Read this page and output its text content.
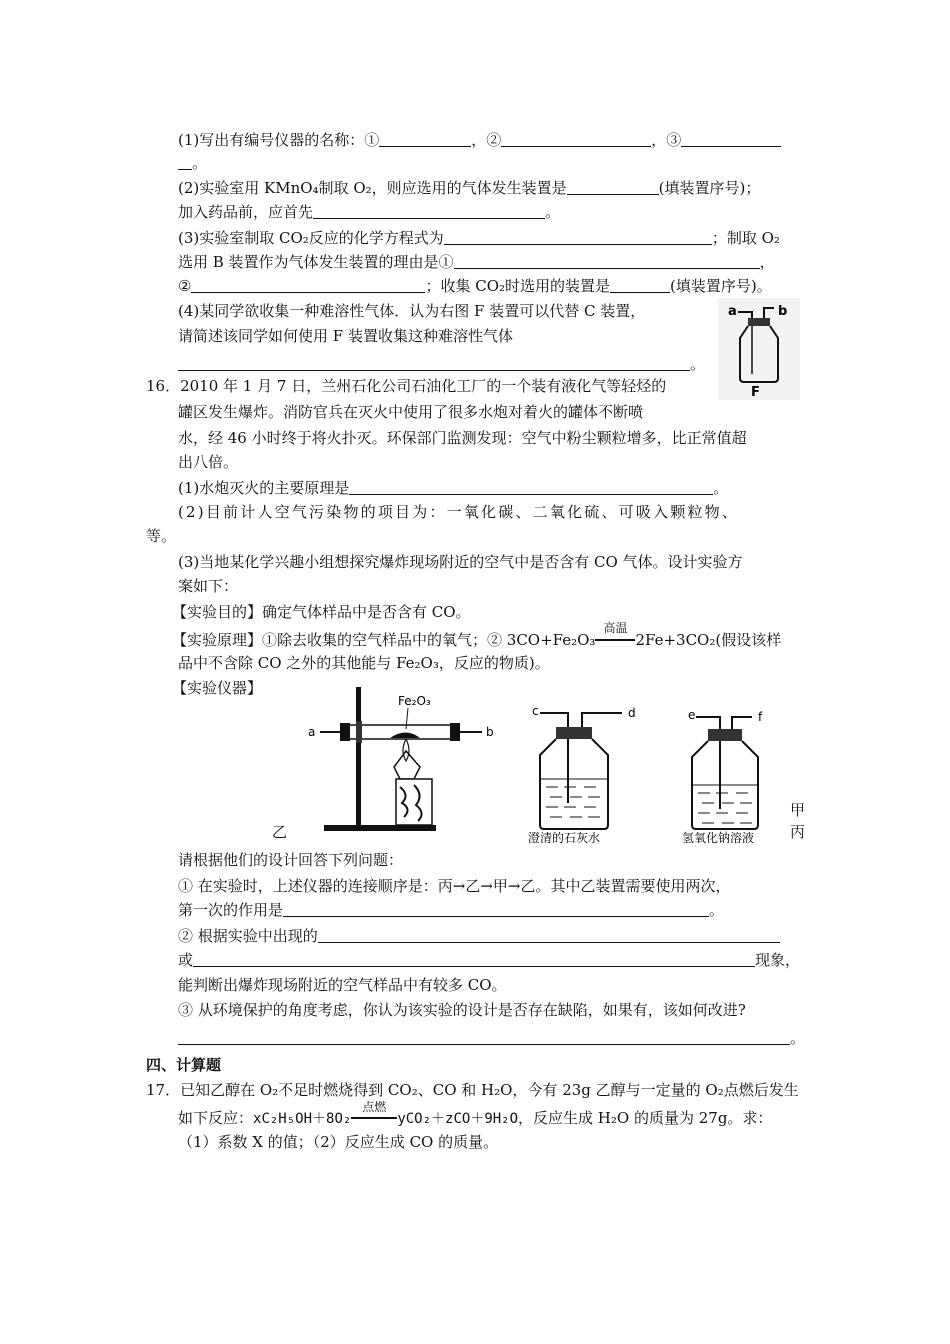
(1)写出有编号仪器的名称：①	，②	，③
。
(2)实验室用 KMnO₄制取 O₂，则应选用的气体发生装置是	(填装置序号)；
加入药品前，应首先	。
(3)实验室制取 CO₂反应的化学方程式为	；制取 O₂
选用 B 装置作为气体发生装置的理由是①	，
②	；收集 CO₂时选用的装置是	(填装置序号)。
(4)某同学欲收集一种难溶性气体．认为右图 F 装置可以代替 C 装置，
请简述该同学如何使用 F 装置收集这种难溶性气体
。
a	b
F
16．2010 年 1 月 7 日，兰州石化公司石油化工厂的一个装有液化气等轻烃的
罐区发生爆炸。消防官兵在灭火中使用了很多水炮对着火的罐体不断喷
水，经 46 小时终于将火扑灭。环保部门监测发现：空气中粉尘颗粒增多，比正常值超
出八倍。
(1)水炮灭火的主要原理是	。
(2)目前计人空气污染物的项目为：一氧化碳、二氧化硫、可吸入颗粒物、
等。
(3)当地某化学兴趣小组想探究爆炸现场附近的空气中是否含有 CO 气体。设计实验方
案如下：
【实验目的】确定气体样品中是否含有 CO。
【实验原理】①除去收集的空气样品中的氧气；② 3CO+Fe₂O₃
高温
2Fe+3CO₂(假设该样
品中不含除 CO 之外的其他能与 Fe₂O₃，反应的物质)。
【实验仪器】
a	b
Fe₂O₃
c	d
澄清的石灰水
e	f
氢氧化钠溶液
乙
甲
丙
请根据他们的设计回答下列问题：
① 在实验时，上述仪器的连接顺序是：丙→乙→甲→乙。其中乙装置需要使用两次，
第一次的作用是	。
② 根据实验中出现的
或	现象，
能判断出爆炸现场附近的空气样品中有较多 CO。
③ 从环境保护的角度考虑，你认为该实验的设计是否存在缺陷，如果有，该如何改进?
。
四、计算题
17．已知乙醇在 O₂不足时燃烧得到 CO₂、CO 和 H₂O，今有 23g 乙醇与一定量的 O₂点燃后发生
如下反应：xC₂H₅OH＋8O₂
点燃
yCO₂＋zCO＋9H₂O，反应生成 H₂O 的质量为 27g。求：
（1）系数 X 的值；（2）反应生成 CO 的质量。
